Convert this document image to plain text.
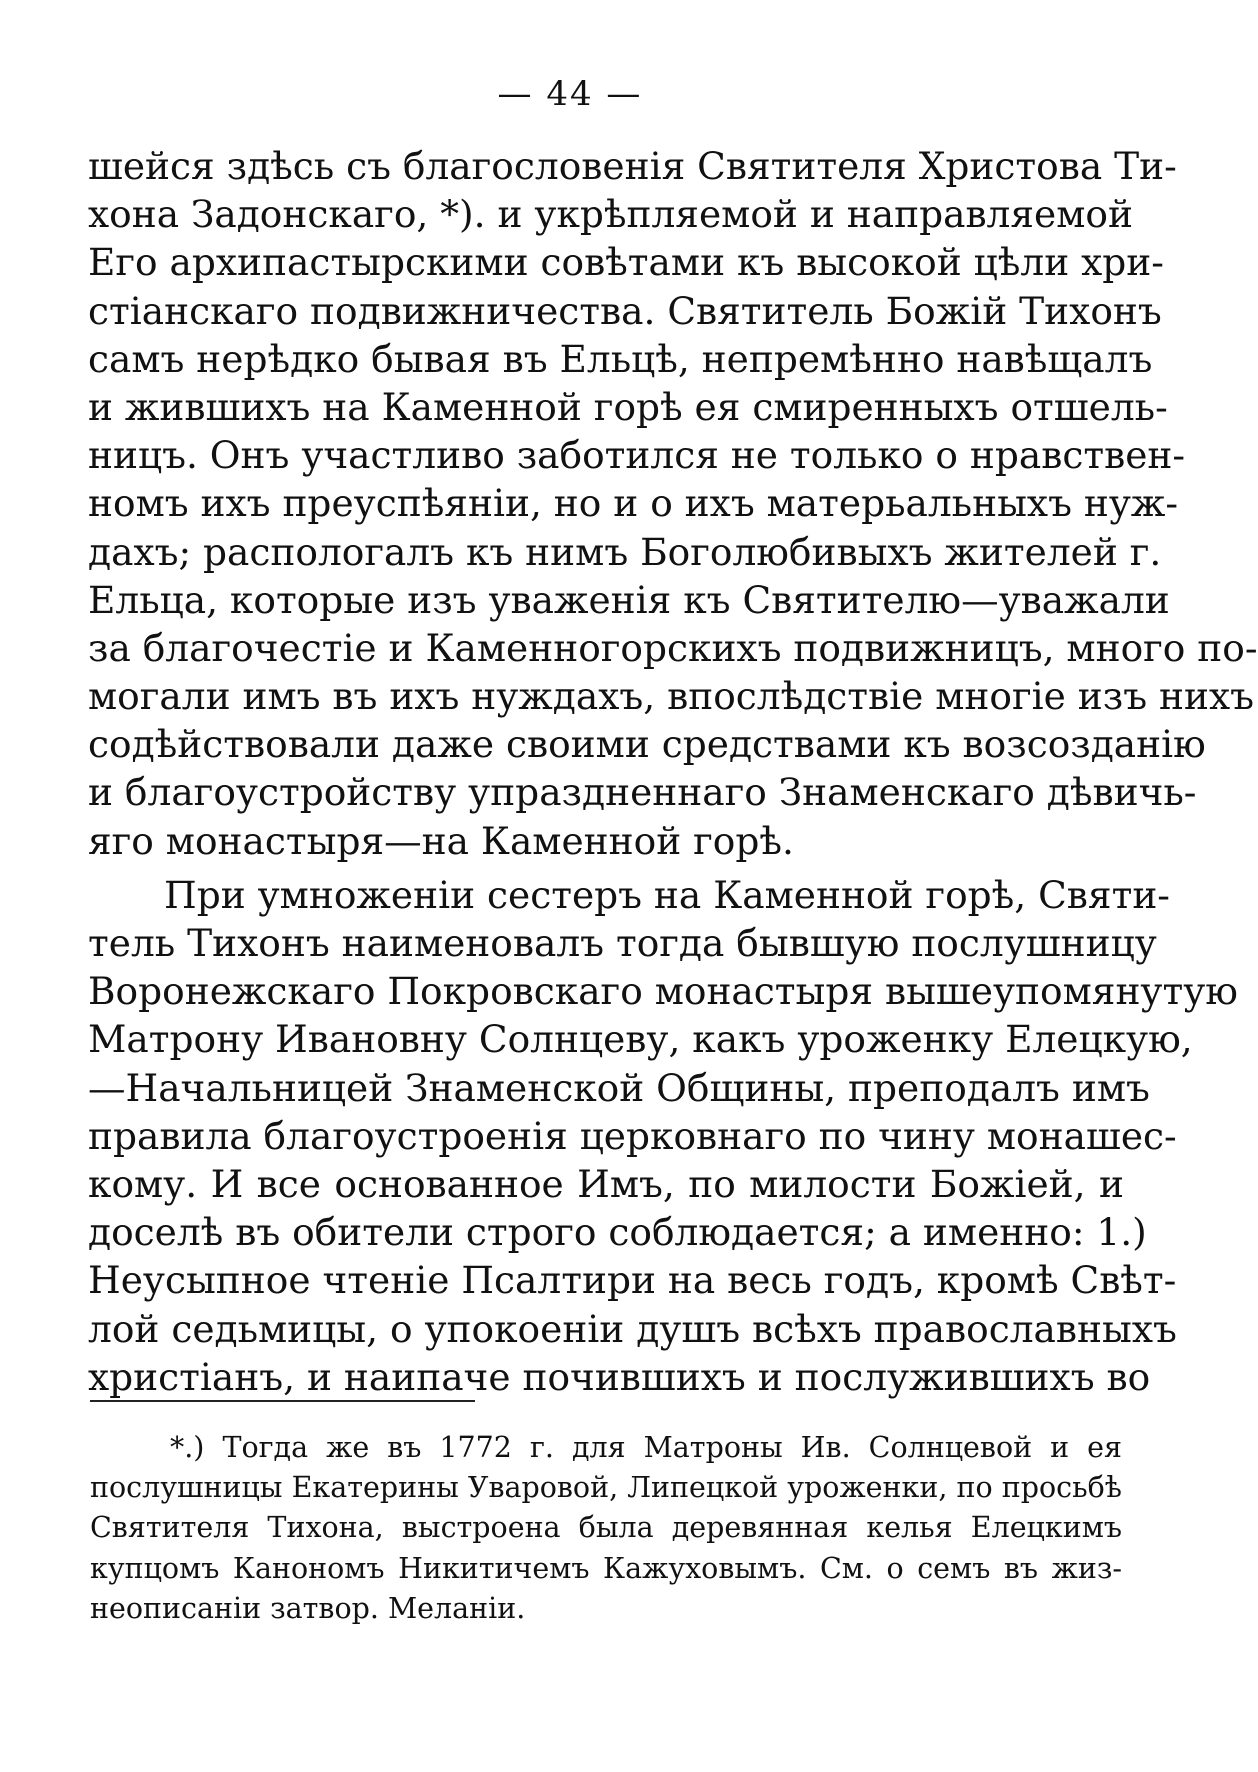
— 44 —
шейся здѣсь съ благословенія Святителя Христова Ти-
хона Задонскаго, *). и укрѣпляемой и направляемой
Его архипастырскими совѣтами къ высокой цѣли хри-
стіанскаго подвижничества. Святитель Божій Тихонъ
самъ нерѣдко бывая въ Ельцѣ, непремѣнно навѣщалъ
и жившихъ на Каменной горѣ ея смиренныхъ отшель-
ницъ. Онъ участливо заботился не только о нравствен-
номъ ихъ преуспѣяніи, но и о ихъ матерьальныхъ нуж-
дахъ; распологалъ къ нимъ Боголюбивыхъ жителей г.
Ельца, которые изъ уваженія къ Святителю—уважали
за благочестіе и Каменногорскихъ подвижницъ, много по-
могали имъ въ ихъ нуждахъ, впослѣдствіе многіе изъ нихъ
содѣйствовали даже своими средствами къ возсозданію
и благоустройству упраздненнаго Знаменскаго дѣвичь-
яго монастыря—на Каменной горѣ.
При умноженіи сестеръ на Каменной горѣ, Святи-
тель Тихонъ наименовалъ тогда бывшую послушницу
Воронежскаго Покровскаго монастыря вышеупомянутую
Матрону Ивановну Солнцеву, какъ уроженку Елецкую,
—Начальницей Знаменской Общины, преподалъ имъ
правила благоустроенія церковнаго по чину монашес-
кому. И все основанное Имъ, по милости Божіей, и
доселѣ въ обители строго соблюдается; а именно: 1.)
Неусыпное чтеніе Псалтири на весь годъ, кромѣ Свѣт-
лой седьмицы, о упокоеніи душъ всѣхъ православныхъ
христіанъ, и наипаче почившихъ и послужившихъ во
*.) Тогда же въ 1772 г. для Матроны Ив. Солнцевой и ея
послушницы Екатерины Уваровой, Липецкой уроженки, по просьбѣ
Святителя Тихона, выстроена была деревянная келья Елецкимъ
купцомъ Канономъ Никитичемъ Кажуховымъ. См. о семъ въ жиз-
неописаніи затвор. Меланіи.
